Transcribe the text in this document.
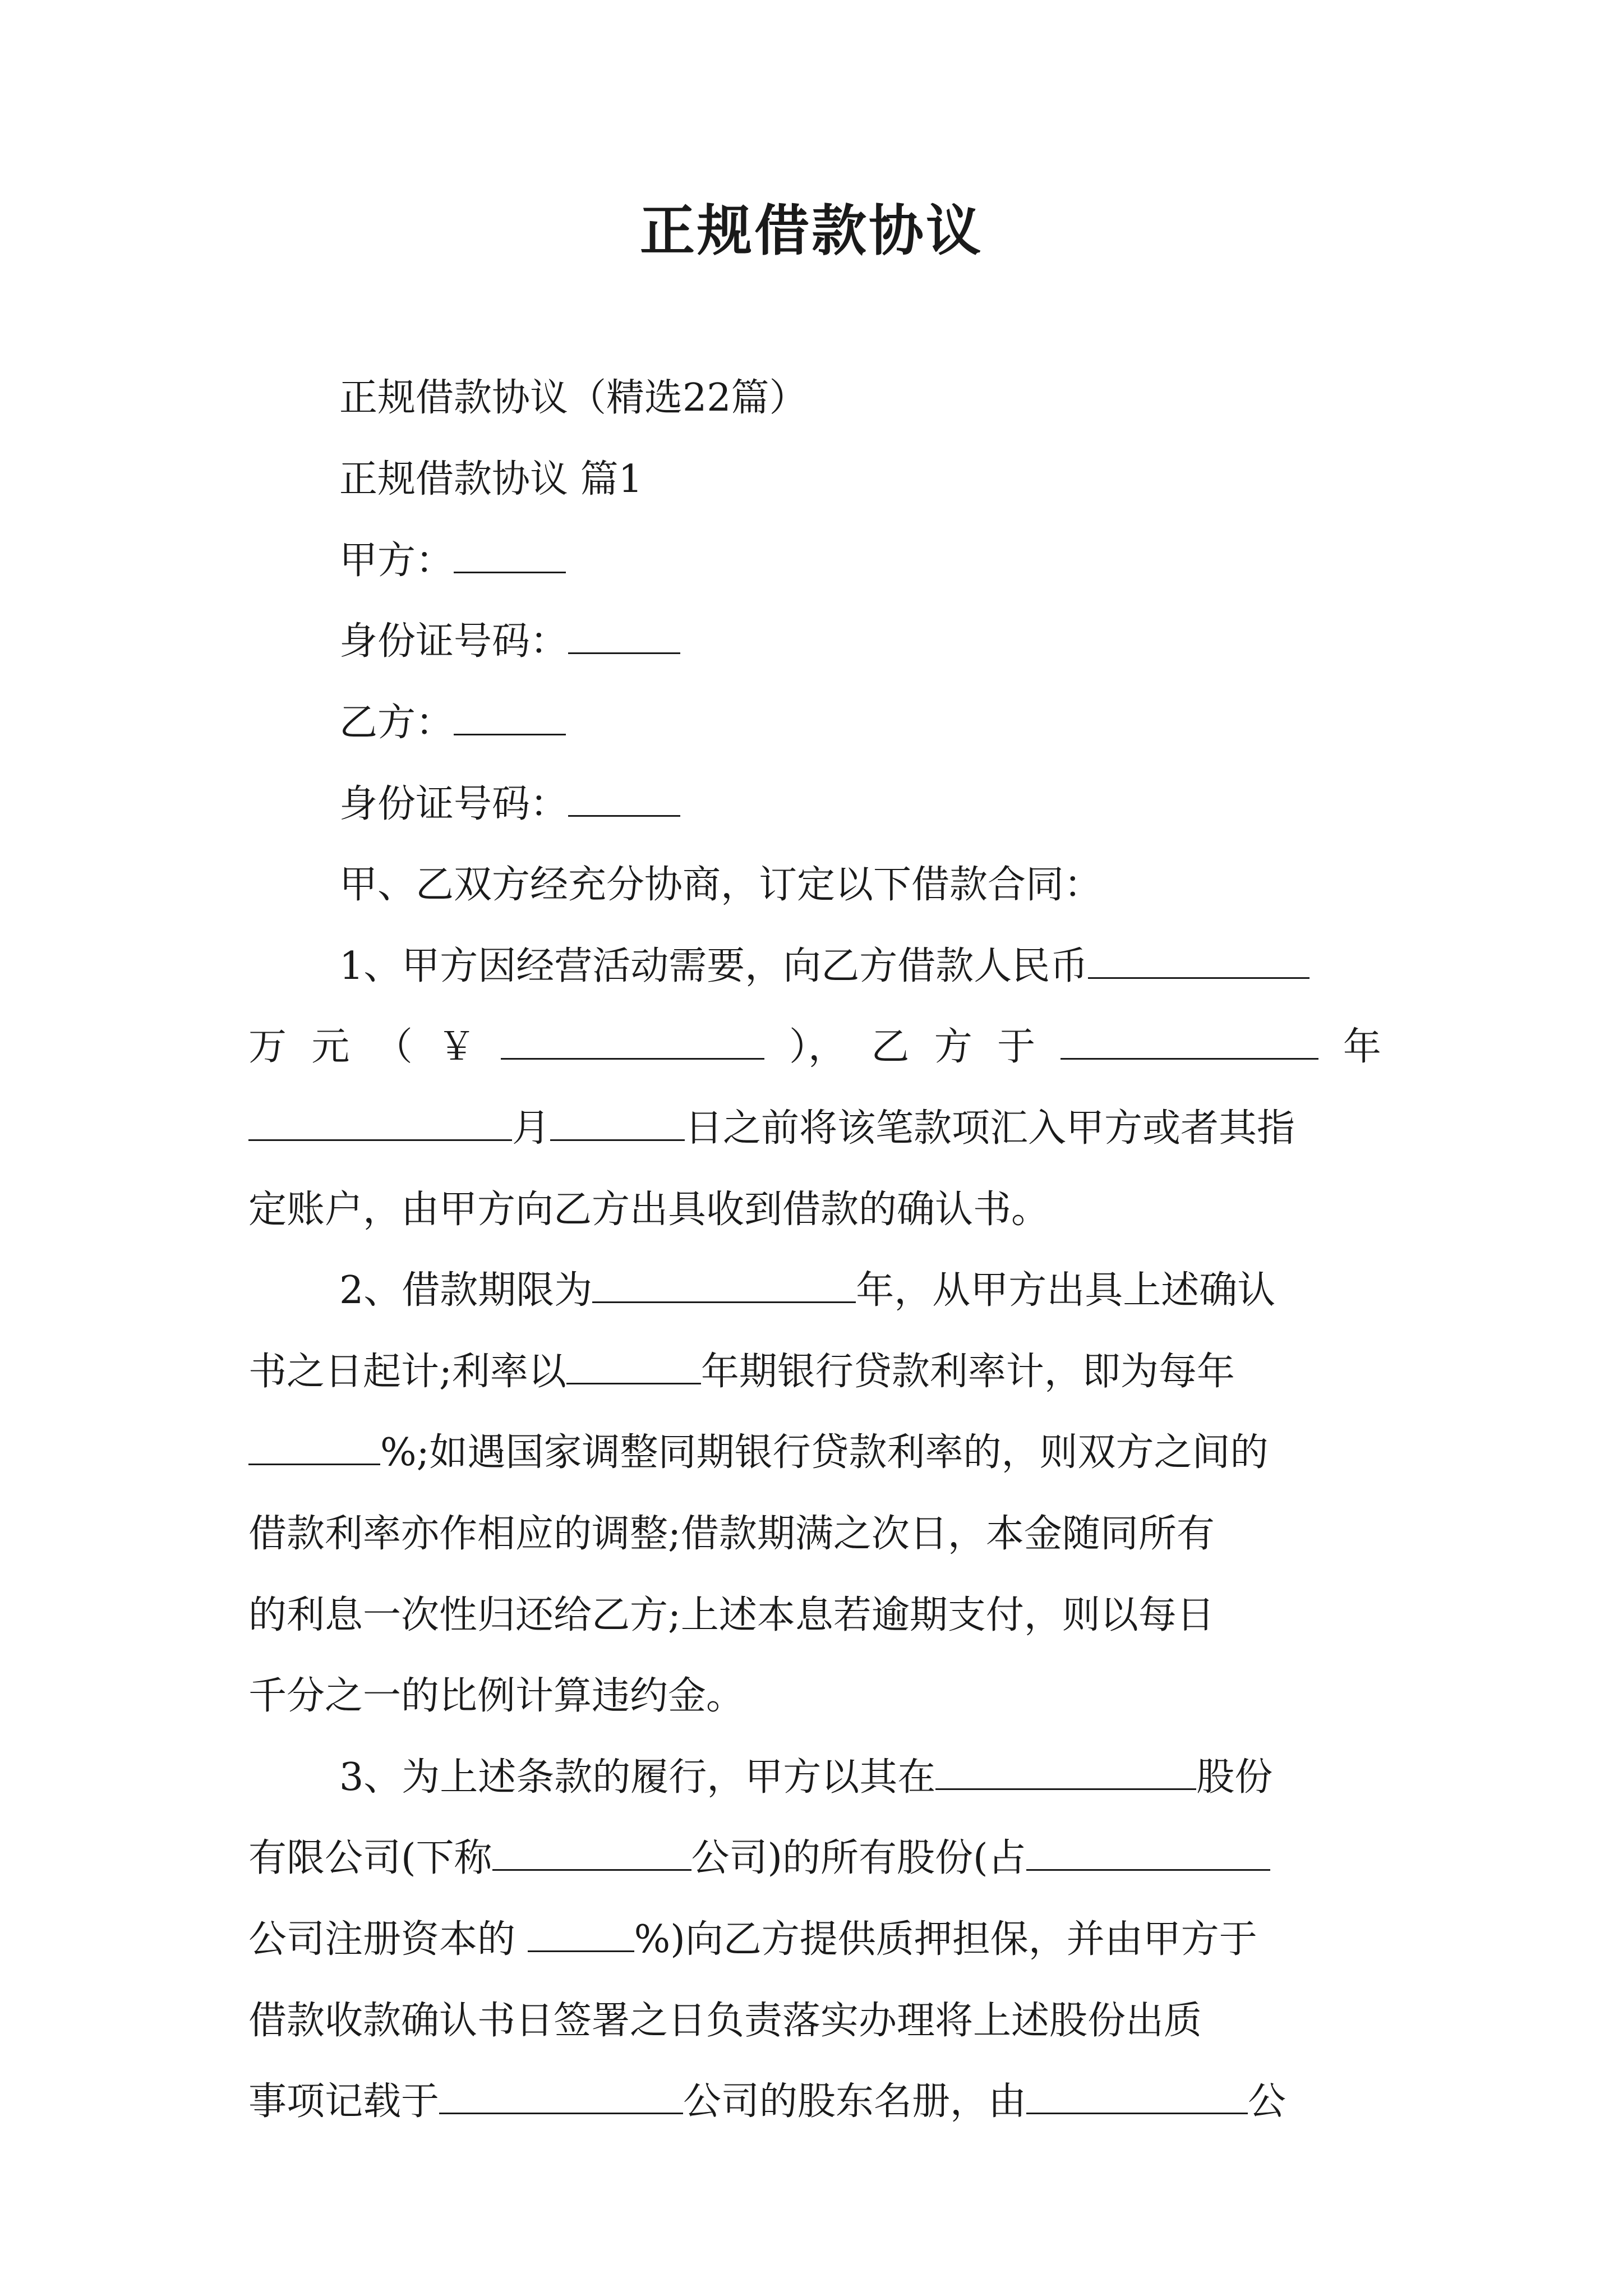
正规借款协议
正规借款协议（精选22篇）
正规借款协议 篇1
甲方：
身份证号码：
乙方：
身份证号码：
甲、乙双方经充分协商，订定以下借款合同：
1、甲方因经营活动需要，向乙方借款人民币
万 元 （ ￥	）， 乙 方 于	年
月	日之前将该笔款项汇入甲方或者其指
定账户，由甲方向乙方出具收到借款的确认书。
2、借款期限为	年，从甲方出具上述确认
书之日起计;利率以	年期银行贷款利率计，即为每年
%;如遇国家调整同期银行贷款利率的，则双方之间的
借款利率亦作相应的调整;借款期满之次日，本金随同所有
的利息一次性归还给乙方;上述本息若逾期支付，则以每日
千分之一的比例计算违约金。
3、为上述条款的履行，甲方以其在	股份
有限公司(下称	公司)的所有股份(占
公司注册资本的	%)向乙方提供质押担保，并由甲方于
借款收款确认书日签署之日负责落实办理将上述股份出质
事项记载于	公司的股东名册，由	公
